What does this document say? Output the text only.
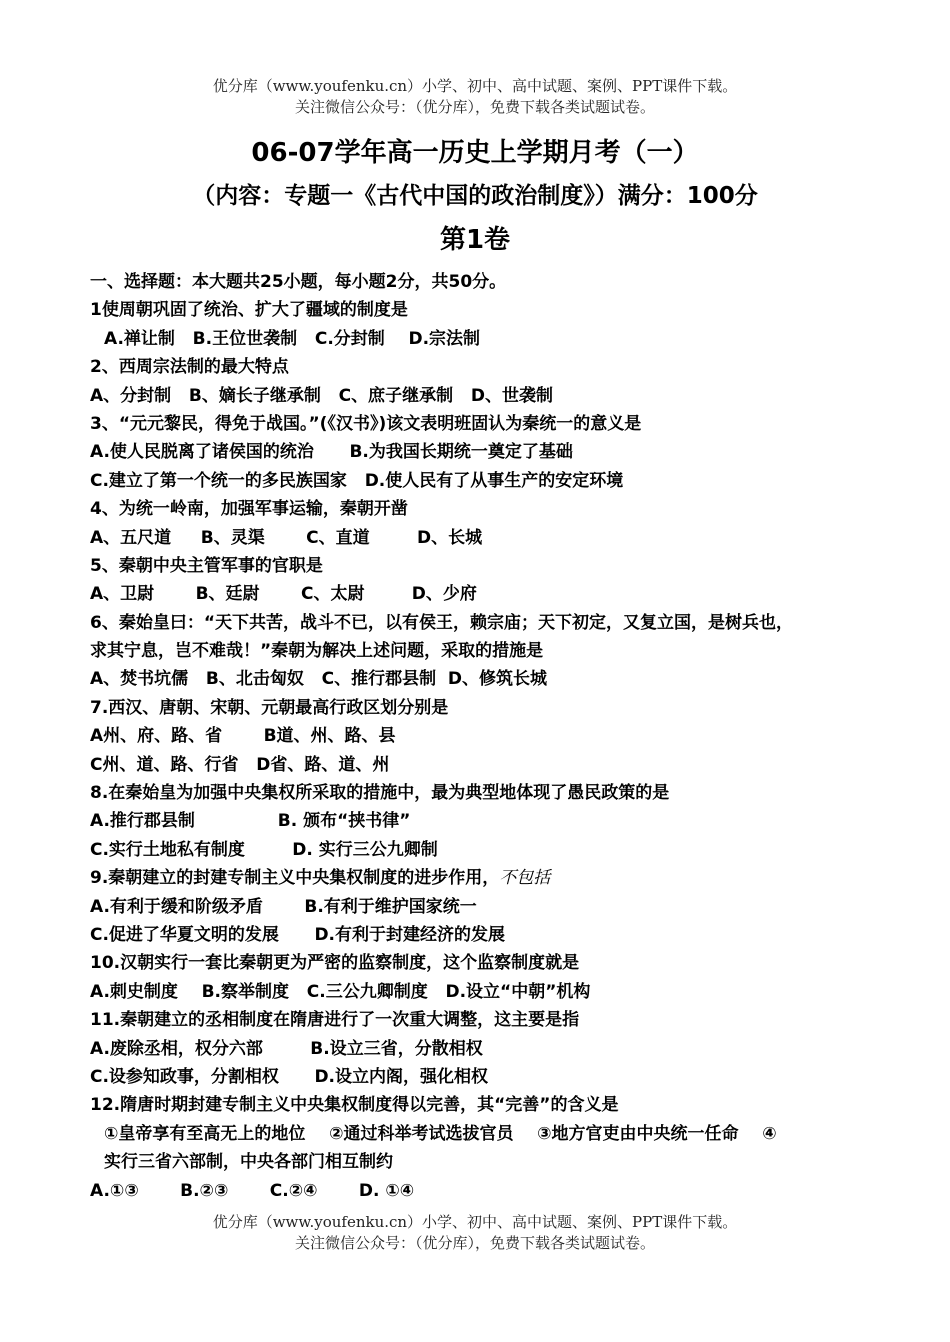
优分库（www.youfenku.cn）小学、初中、高中试题、案例、PPT课件下载。
关注微信公众号：（优分库），免费下载各类试题试卷。
06-07学年高一历史上学期月考（一）
（内容：专题一《古代中国的政治制度》）满分：100分
第1卷
一、选择题：本大题共25小题，每小题2分，共50分。
1使周朝巩固了统治、扩大了疆域的制度是
A.禅让制   B.王位世袭制   C.分封制    D.宗法制
2、西周宗法制的最大特点
A、分封制   B、嫡长子继承制   C、庶子继承制   D、世袭制
3、“元元黎民，得免于战国。”(《汉书》)该文表明班固认为秦统一的意义是
A.使人民脱离了诸侯国的统治      B.为我国长期统一奠定了基础
C.建立了第一个统一的多民族国家   D.使人民有了从事生产的安定环境
4、为统一岭南，加强军事运输，秦朝开凿
A、五尺道     B、灵渠       C、直道        D、长城
5、秦朝中央主管军事的官职是
A、卫尉       B、廷尉       C、太尉        D、少府
6、秦始皇曰：“天下共苦，战斗不已，以有侯王，赖宗庙；天下初定，又复立国，是树兵也，
求其宁息，岂不难哉！”秦朝为解决上述问题，采取的措施是
A、焚书坑儒   B、北击匈奴   C、推行郡县制  D、修筑长城
7.西汉、唐朝、宋朝、元朝最高行政区划分别是
A州、府、路、省       B道、州、路、县
C州、道、路、行省   D省、路、道、州
8.在秦始皇为加强中央集权所采取的措施中，最为典型地体现了愚民政策的是
A.推行郡县制              B. 颁布“挟书律”
C.实行土地私有制度        D. 实行三公九卿制
9.秦朝建立的封建专制主义中央集权制度的进步作用，不包括
A.有利于缓和阶级矛盾       B.有利于维护国家统一
C.促进了华夏文明的发展      D.有利于封建经济的发展
10.汉朝实行一套比秦朝更为严密的监察制度，这个监察制度就是
A.刺史制度    B.察举制度   C.三公九卿制度   D.设立“中朝”机构
11.秦朝建立的丞相制度在隋唐进行了一次重大调整，这主要是指
A.废除丞相，权分六部        B.设立三省，分散相权
C.设参知政事，分割相权      D.设立内阁，强化相权
12.隋唐时期封建专制主义中央集权制度得以完善，其“完善”的含义是
①皇帝享有至高无上的地位    ②通过科举考试选拔官员    ③地方官吏由中央统一任命    ④
实行三省六部制，中央各部门相互制约
A.①③       B.②③       C.②④       D. ①④
优分库（www.youfenku.cn）小学、初中、高中试题、案例、PPT课件下载。
关注微信公众号：（优分库），免费下载各类试题试卷。
